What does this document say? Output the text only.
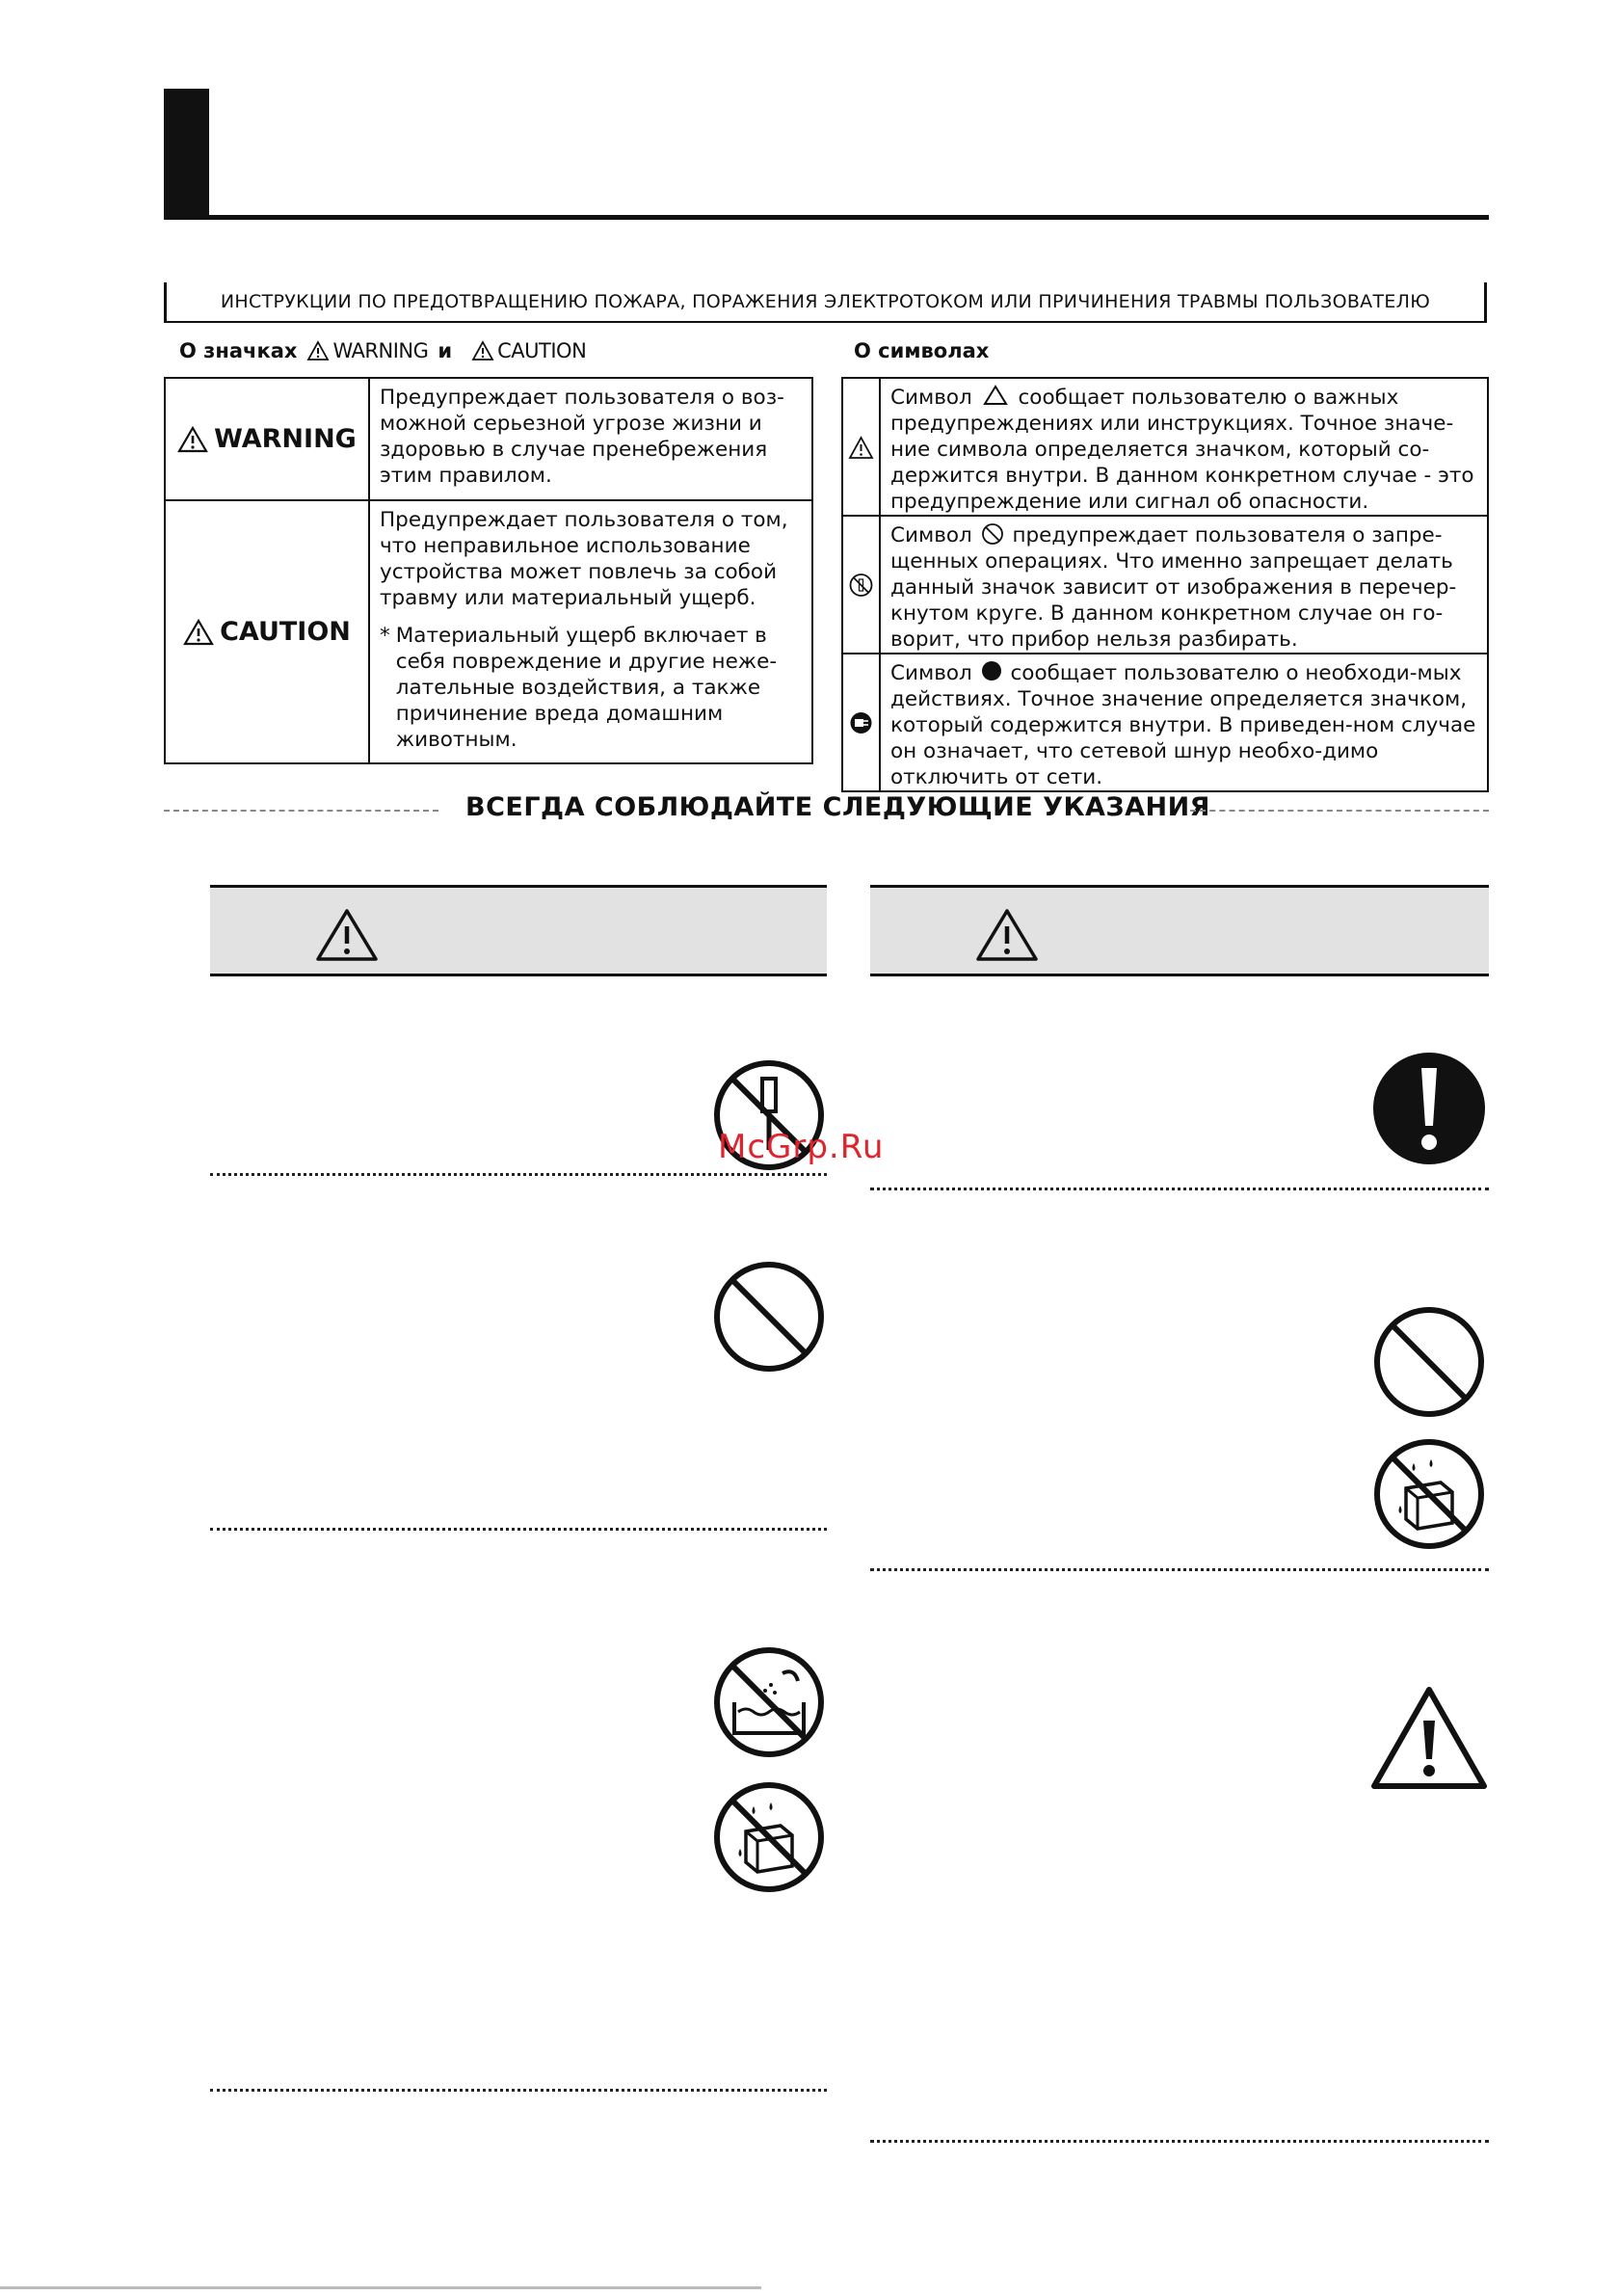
ИНСТРУКЦИИ ПО ПРЕДОТВРАЩЕНИЮ ПОЖАРА, ПОРАЖЕНИЯ ЭЛЕКТРОТОКОМ ИЛИ ПРИЧИНЕНИЯ ТРАВМЫ ПОЛЬЗОВАТЕЛЮ
О значках WARNING и CAUTION	О символах
WARNING	Предупреждает пользователя о воз-можной серьезной угрозе жизни и здоровью в случае пренебрежения этим правилом.

CAUTION	Предупреждает пользователя о том, что неправильное использование устройства может повлечь за собой травму или материальный ущерб.
* Материальный ущерб включает в себя повреждение и другие неже-лательные воздействия, а также причинение вреда домашним животным.
	Символ сообщает пользователю о важных предупреждениях или инструкциях. Точное значе-ние символа определяется значком, который со-держится внутри. В данном конкретном случае - это предупреждение или сигнал об опасности.

	Символ предупреждает пользователя о запре-щенных операциях. Что именно запрещает делать данный значок зависит от изображения в перечер-кнутом круге. В данном конкретном случае он го-ворит, что прибор нельзя разбирать.

	Символ сообщает пользователю о необходи-мых действиях. Точное значение определяется значком, который содержится внутри. В приведен-ном случае он означает, что сетевой шнур необхо-димо отключить от сети.
ВСЕГДА СОБЛЮДАЙТЕ СЛЕДУЮЩИЕ УКАЗАНИЯ
McGrp.Ru
